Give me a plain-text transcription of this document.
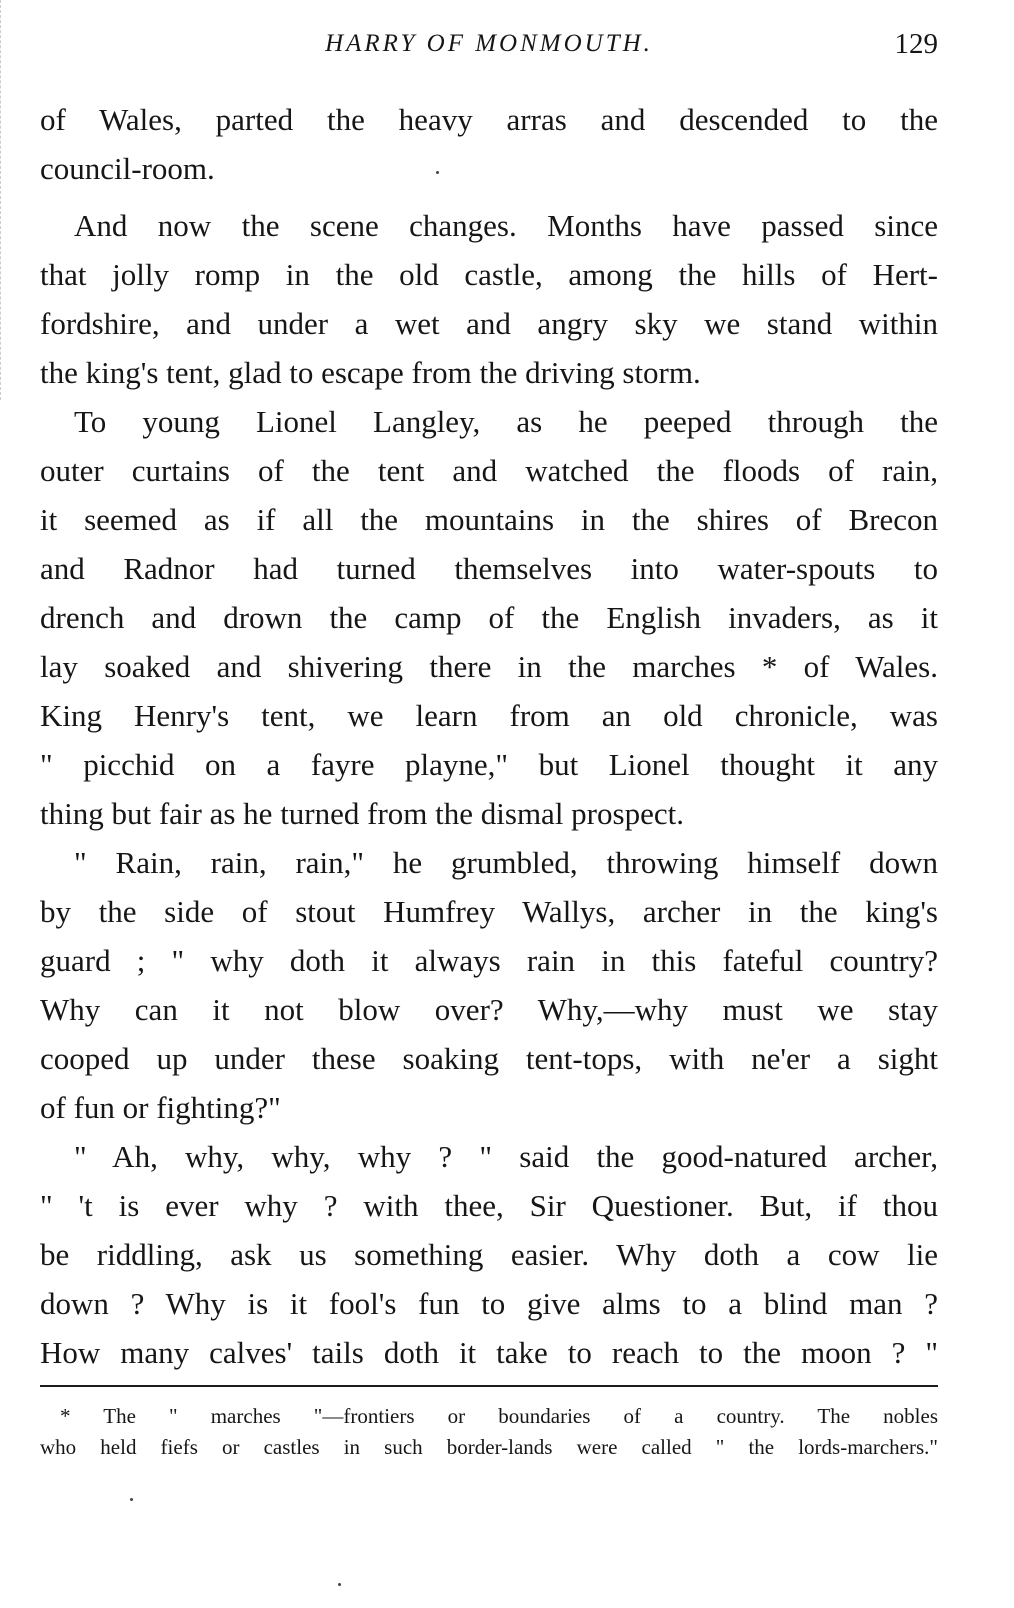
HARRY OF MONMOUTH.	129
of Wales, parted the heavy arras and descended to the
council-room.
And now the scene changes. Months have passed since
that jolly romp in the old castle, among the hills of Hert-
fordshire, and under a wet and angry sky we stand within
the king's tent, glad to escape from the driving storm.
To young Lionel Langley, as he peeped through the
outer curtains of the tent and watched the floods of rain,
it seemed as if all the mountains in the shires of Brecon
and Radnor had turned themselves into water-spouts to
drench and drown the camp of the English invaders, as it
lay soaked and shivering there in the marches * of Wales.
King Henry's tent, we learn from an old chronicle, was
" picchid on a fayre playne," but Lionel thought it any
thing but fair as he turned from the dismal prospect.
" Rain, rain, rain," he grumbled, throwing himself down
by the side of stout Humfrey Wallys, archer in the king's
guard ; " why doth it always rain in this fateful country?
Why can it not blow over? Why,—why must we stay
cooped up under these soaking tent-tops, with ne'er a sight
of fun or fighting?"
" Ah, why, why, why ? " said the good-natured archer,
" 't is ever why ? with thee, Sir Questioner. But, if thou
be riddling, ask us something easier. Why doth a cow lie
down ? Why is it fool's fun to give alms to a blind man ?
How many calves' tails doth it take to reach to the moon ? "
* The " marches "—frontiers or boundaries of a country. The nobles
who held fiefs or castles in such border-lands were called " the lords-marchers."
